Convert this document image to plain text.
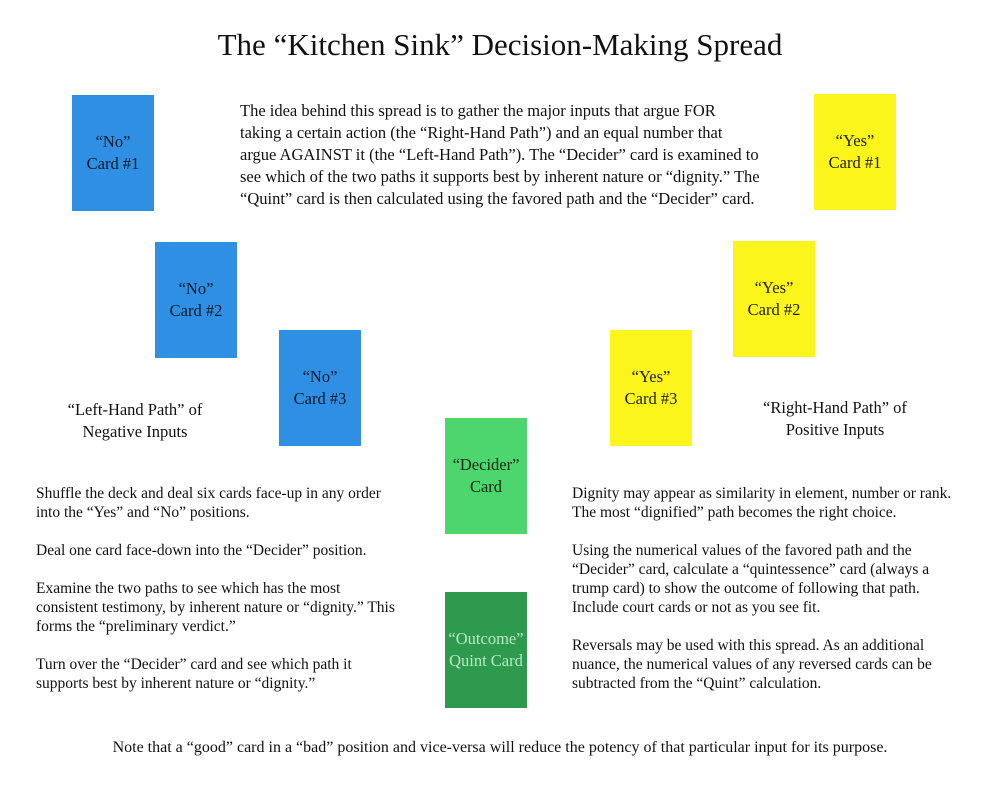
The “Kitchen Sink” Decision-Making Spread
The idea behind this spread is to gather the major inputs that argue FOR taking a certain action (the “Right-Hand Path”) and an equal number that argue AGAINST it (the “Left-Hand Path”). The “Decider” card is examined to see which of the two paths it supports best by inherent nature or “dignity.” The “Quint” card is then calculated using the favored path and the “Decider” card.
“No”
Card #1
“No”
Card #2
“No”
Card #3
“Yes”
Card #1
“Yes”
Card #2
“Yes”
Card #3
“Decider”
Card
“Outcome”
Quint Card
“Left-Hand Path” of
Negative Inputs
“Right-Hand Path” of
Positive Inputs

Shuffle the deck and deal six cards face-up in any order into the “Yes” and “No” positions.

Deal one card face-down into the “Decider” position.

Examine the two paths to see which has the most consistent testimony, by inherent nature or “dignity.” This forms the “preliminary verdict.”

Turn over the “Decider” card and see which path it supports best by inherent nature or “dignity.”

Dignity may appear as similarity in element, number or rank. The most “dignified” path becomes the right choice.

Using the numerical values of the favored path and the “Decider” card, calculate a “quintessence” card (always a trump card) to show the outcome of following that path. Include court cards or not as you see fit.

Reversals may be used with this spread. As an additional nuance, the numerical values of any reversed cards can be subtracted from the “Quint” calculation.

Note that a “good” card in a “bad” position and vice-versa will reduce the potency of that particular input for its purpose.
